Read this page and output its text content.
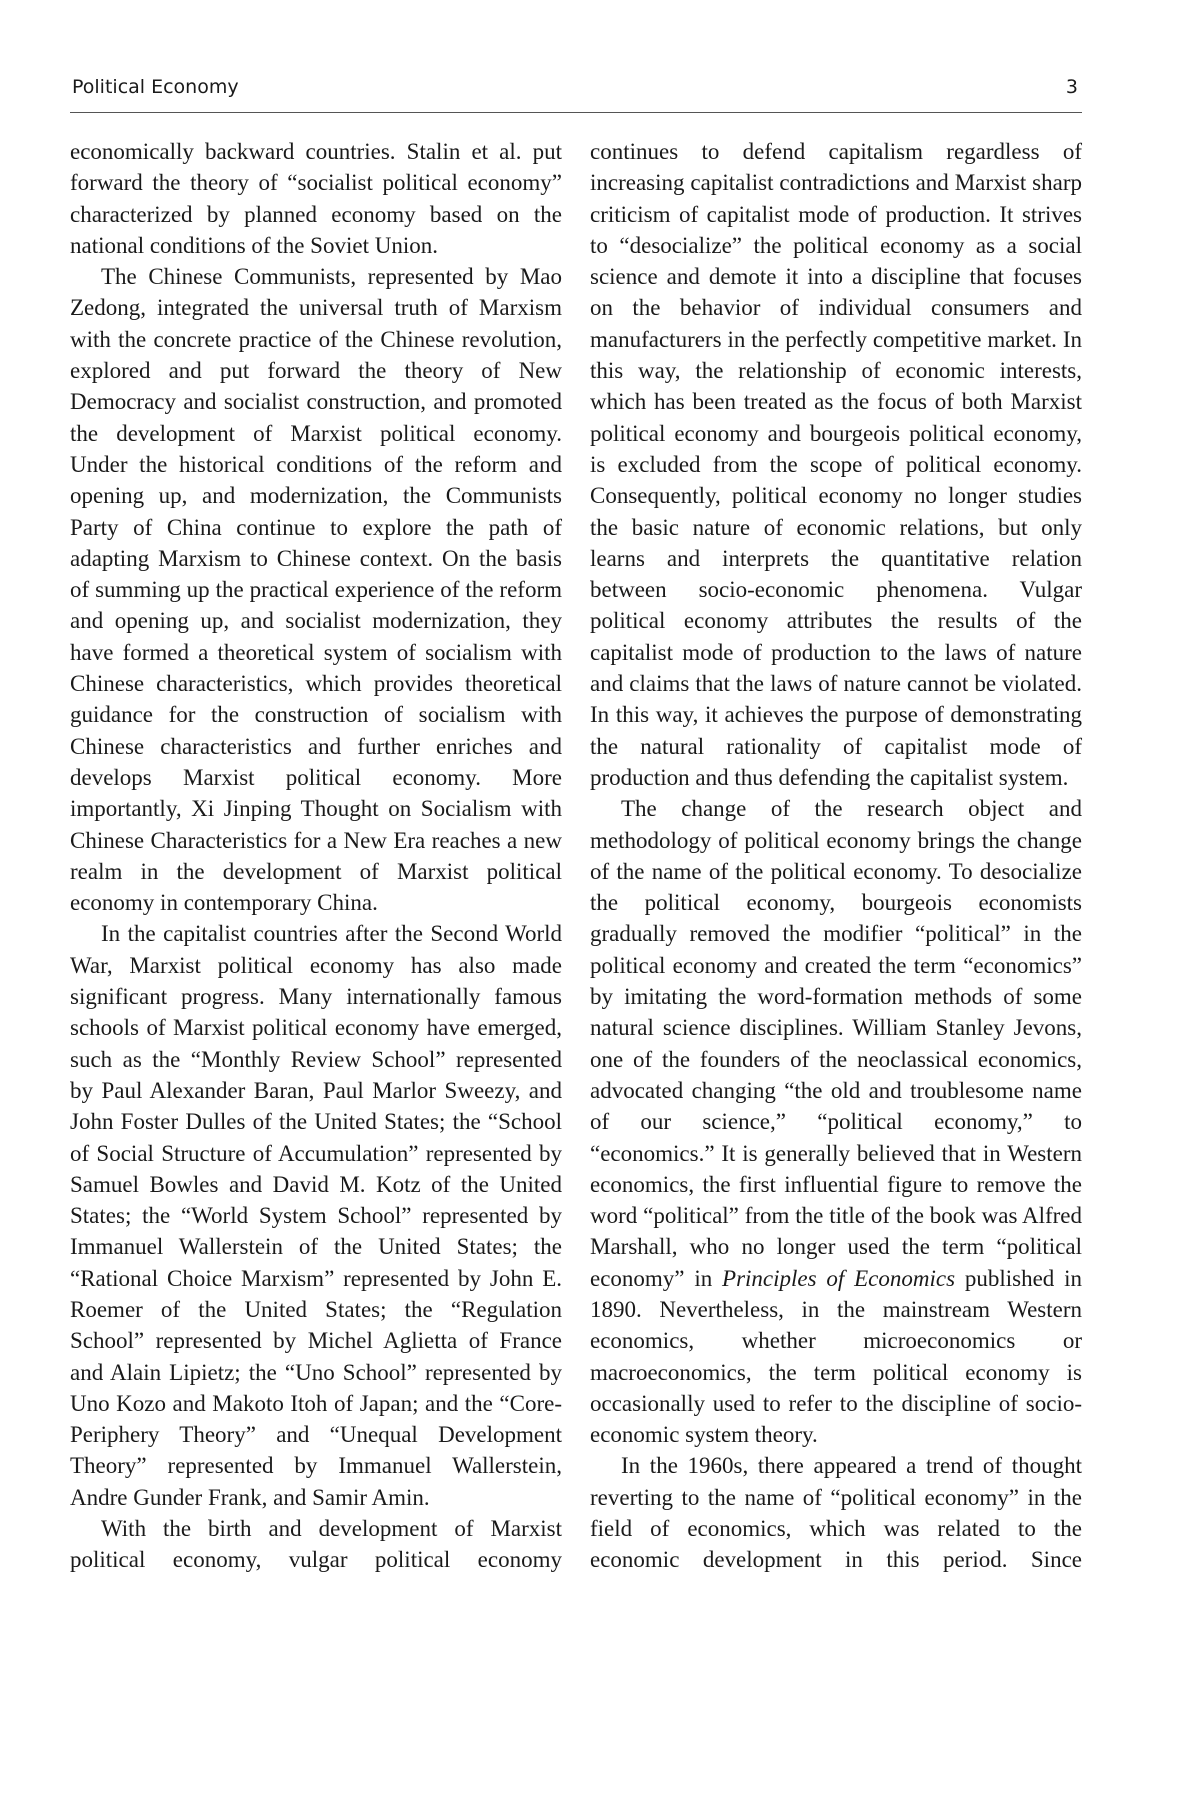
Political Economy	3

economically backward countries. Stalin et al. put forward the theory of “socialist political economy” characterized by planned economy based on the national conditions of the Soviet Union.

The Chinese Communists, represented by Mao Zedong, integrated the universal truth of Marxism with the concrete practice of the Chinese revolution, explored and put forward the theory of New Democracy and socialist construction, and promoted the development of Marxist political economy. Under the historical conditions of the reform and opening up, and modernization, the Communists Party of China continue to explore the path of adapting Marxism to Chinese context. On the basis of summing up the practical experience of the reform and opening up, and socialist modernization, they have formed a theoretical system of socialism with Chinese characteristics, which provides theoretical guidance for the construction of socialism with Chinese characteristics and further enriches and develops Marxist political economy. More importantly, Xi Jinping Thought on Socialism with Chinese Characteristics for a New Era reaches a new realm in the development of Marxist political economy in contemporary China.

In the capitalist countries after the Second World War, Marxist political economy has also made significant progress. Many internationally famous schools of Marxist political economy have emerged, such as the “Monthly Review School” represented by Paul Alexander Baran, Paul Marlor Sweezy, and John Foster Dulles of the United States; the “School of Social Structure of Accumulation” represented by Samuel Bowles and David M. Kotz of the United States; the “World System School” represented by Immanuel Wallerstein of the United States; the “Rational Choice Marxism” represented by John E. Roemer of the United States; the “Regulation School” represented by Michel Aglietta of France and Alain Lipietz; the “Uno School” represented by Uno Kozo and Makoto Itoh of Japan; and the “Core-Periphery Theory” and “Unequal Development Theory” represented by Immanuel Wallerstein, Andre Gunder Frank, and Samir Amin.

With the birth and development of Marxist political economy, vulgar political economy

continues to defend capitalism regardless of increasing capitalist contradictions and Marxist sharp criticism of capitalist mode of production. It strives to “desocialize” the political economy as a social science and demote it into a discipline that focuses on the behavior of individual consumers and manufacturers in the perfectly competitive market. In this way, the relationship of economic interests, which has been treated as the focus of both Marxist political economy and bourgeois political economy, is excluded from the scope of political economy. Consequently, political economy no longer studies the basic nature of economic relations, but only learns and interprets the quantitative relation between socio-economic phenomena. Vulgar political economy attributes the results of the capitalist mode of production to the laws of nature and claims that the laws of nature cannot be violated. In this way, it achieves the purpose of demonstrating the natural rationality of capitalist mode of production and thus defending the capitalist system.

The change of the research object and methodology of political economy brings the change of the name of the political economy. To desocialize the political economy, bourgeois economists gradually removed the modifier “political” in the political economy and created the term “economics” by imitating the word-formation methods of some natural science disciplines. William Stanley Jevons, one of the founders of the neoclassical economics, advocated changing “the old and troublesome name of our science,” “political economy,” to “economics.” It is generally believed that in Western economics, the first influential figure to remove the word “political” from the title of the book was Alfred Marshall, who no longer used the term “political economy” in Principles of Economics published in 1890. Nevertheless, in the mainstream Western economics, whether microeconomics or macroeconomics, the term political economy is occasionally used to refer to the discipline of socio-economic system theory.

In the 1960s, there appeared a trend of thought reverting to the name of “political economy” in the field of economics, which was related to the economic development in this period. Since
